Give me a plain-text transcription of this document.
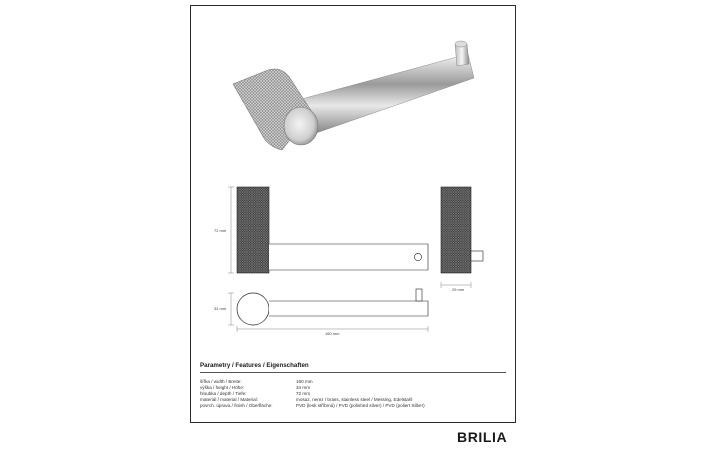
72 mm
34 mm
160 mm
25 mm
Parametry / Features / Eigenschaften
šířka / width / Breite:	160 mm
výška / height / Höhe:	34 mm
hloubka / depth / Tiefe:	72 mm
materiál / material / Material:	mosaz, nerez / brass, stainless steel / Messing, Edelstahl
povrch. úprava / finish / Oberfläche:	PVD (lesk stříbrná) / PVD (polished silver) / PVD (poliert Silber)
BRILIA
